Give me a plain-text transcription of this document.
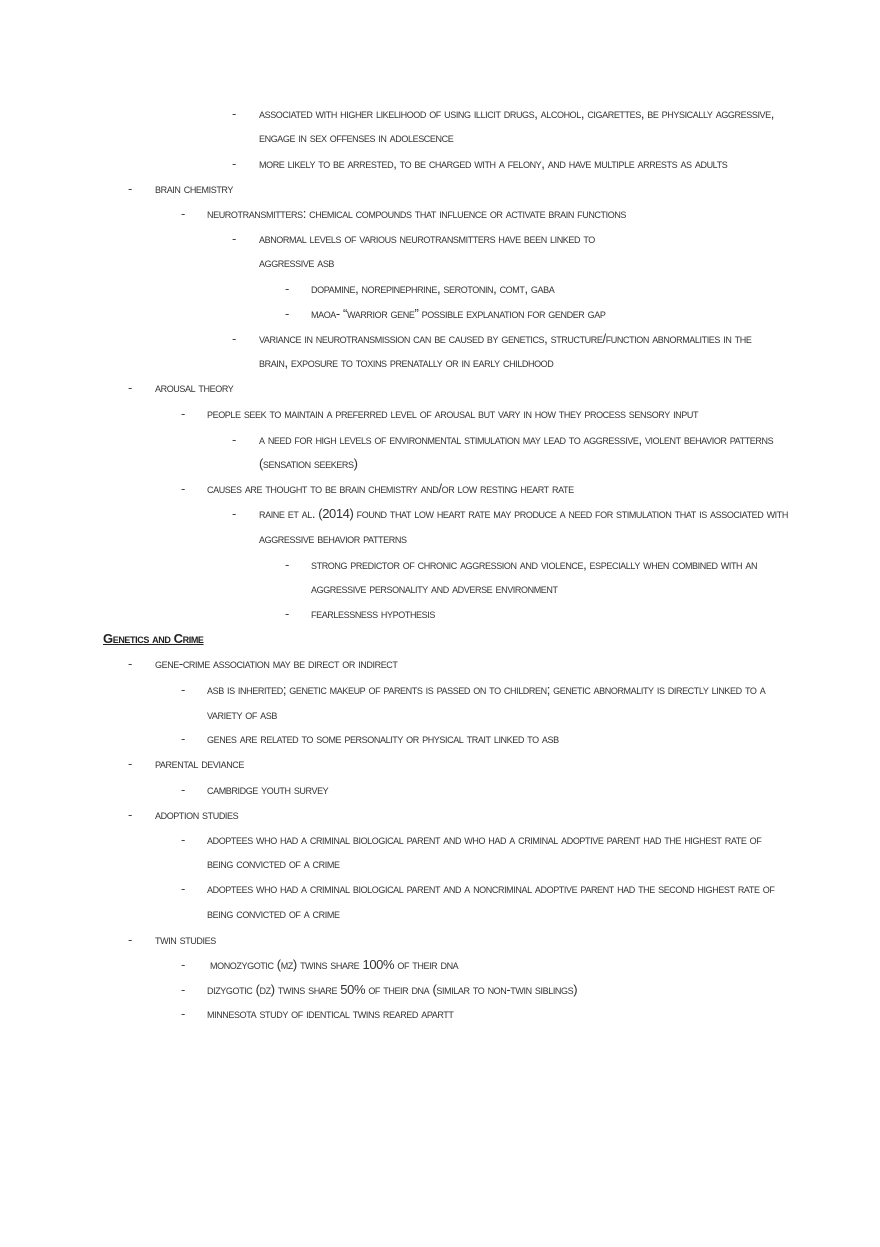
- associated with higher likelihood of using illicit drugs, alcohol, cigarettes, be physically aggressive,
engage in sex offenses in adolescence
- more likely to be arrested, to be charged with a felony, and have multiple arrests as adults
- brain chemistry
- neurotransmitters: chemical compounds that influence or activate brain functions
- abnormal levels of various neurotransmitters have been linked to
aggressive asb
- dopamine, norepinephrine, serotonin, comt, gaba
- maoa- “warrior gene” possible explanation for gender gap
- variance in neurotransmission can be caused by genetics, structure/function abnormalities in the
brain, exposure to toxins prenatally or in early childhood
- arousal theory
- people seek to maintain a preferred level of arousal but vary in how they process sensory input
- a need for high levels of environmental stimulation may lead to aggressive, violent behavior patterns
(sensation seekers)
- causes are thought to be brain chemistry and/or low resting heart rate
- raine et al. (2014) found that low heart rate may produce a need for stimulation that is associated with
aggressive behavior patterns
- strong predictor of chronic aggression and violence, especially when combined with an
aggressive personality and adverse environment
- fearlessness hypothesis
Genetics and Crime
- gene-crime association may be direct or indirect
- asb is inherited; genetic makeup of parents is passed on to children; genetic abnormality is directly linked to a
variety of asb
- genes are related to some personality or physical trait linked to asb
- parental deviance
- cambridge youth survey
- adoption studies
- adoptees who had a criminal biological parent and who had a criminal adoptive parent had the highest rate of
being convicted of a crime
- adoptees who had a criminal biological parent and a noncriminal adoptive parent had the second highest rate of
being convicted of a crime
- twin studies
- monozygotic (mz) twins share 100% of their dna
- dizygotic (dz) twins share 50% of their dna (similar to non-twin siblings)
- minnesota study of identical twins reared apartt
